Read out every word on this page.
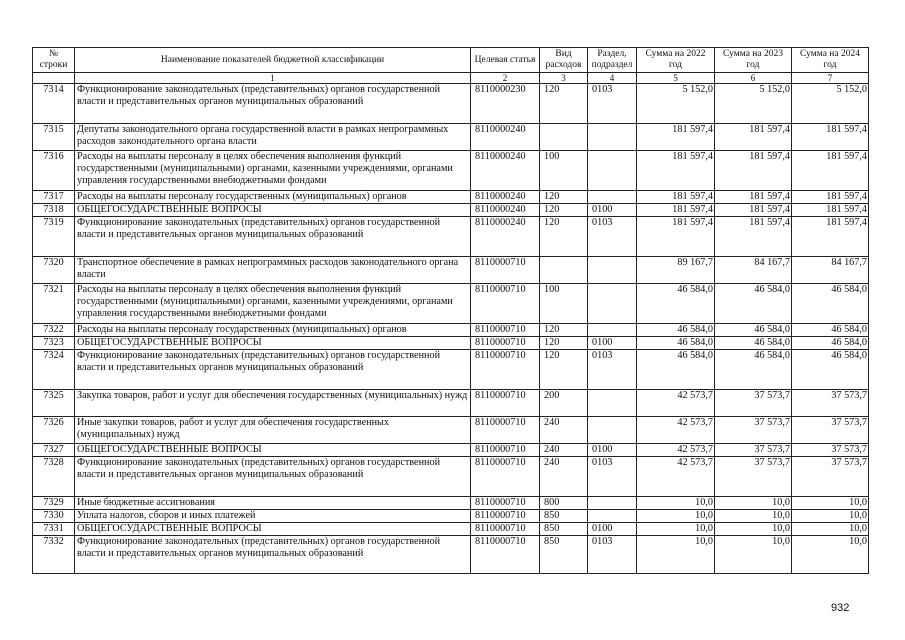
№ строки	Наименование показателей бюджетной классификации	Целевая статья	Вид расходов	Раздел, подраздел	Сумма на 2022 год	Сумма на 2023 год	Сумма на 2024 год
	1	2	3	4	5	6	7
7314	Функционирование законодательных (представительных) органов государственной власти и представительных органов муниципальных образований	8110000230	120	0103	5 152,0	5 152,0	5 152,0
7315	Депутаты законодательного органа государственной власти в рамках непрограммных расходов законодательного органа власти	8110000240			181 597,4	181 597,4	181 597,4
7316	Расходы на выплаты персоналу в целях обеспечения выполнения функций государственными (муниципальными) органами, казенными учреждениями, органами управления государственными внебюджетными фондами	8110000240	100		181 597,4	181 597,4	181 597,4
7317	Расходы на выплаты персоналу государственных (муниципальных) органов	8110000240	120		181 597,4	181 597,4	181 597,4
7318	ОБЩЕГОСУДАРСТВЕННЫЕ ВОПРОСЫ	8110000240	120	0100	181 597,4	181 597,4	181 597,4
7319	Функционирование законодательных (представительных) органов государственной власти и представительных органов муниципальных образований	8110000240	120	0103	181 597,4	181 597,4	181 597,4
7320	Транспортное обеспечение в рамках непрограммных расходов законодательного органа власти	8110000710			89 167,7	84 167,7	84 167,7
7321	Расходы на выплаты персоналу в целях обеспечения выполнения функций государственными (муниципальными) органами, казенными учреждениями, органами управления государственными внебюджетными фондами	8110000710	100		46 584,0	46 584,0	46 584,0
7322	Расходы на выплаты персоналу государственных (муниципальных) органов	8110000710	120		46 584,0	46 584,0	46 584,0
7323	ОБЩЕГОСУДАРСТВЕННЫЕ ВОПРОСЫ	8110000710	120	0100	46 584,0	46 584,0	46 584,0
7324	Функционирование законодательных (представительных) органов государственной власти и представительных органов муниципальных образований	8110000710	120	0103	46 584,0	46 584,0	46 584,0
7325	Закупка товаров, работ и услуг для обеспечения государственных (муниципальных) нужд	8110000710	200		42 573,7	37 573,7	37 573,7
7326	Иные закупки товаров, работ и услуг для обеспечения государственных (муниципальных) нужд	8110000710	240		42 573,7	37 573,7	37 573,7
7327	ОБЩЕГОСУДАРСТВЕННЫЕ ВОПРОСЫ	8110000710	240	0100	42 573,7	37 573,7	37 573,7
7328	Функционирование законодательных (представительных) органов государственной власти и представительных органов муниципальных образований	8110000710	240	0103	42 573,7	37 573,7	37 573,7
7329	Иные бюджетные ассигнования	8110000710	800		10,0	10,0	10,0
7330	Уплата налогов, сборов и иных платежей	8110000710	850		10,0	10,0	10,0
7331	ОБЩЕГОСУДАРСТВЕННЫЕ ВОПРОСЫ	8110000710	850	0100	10,0	10,0	10,0
7332	Функционирование законодательных (представительных) органов государственной власти и представительных органов муниципальных образований	8110000710	850	0103	10,0	10,0	10,0
932
